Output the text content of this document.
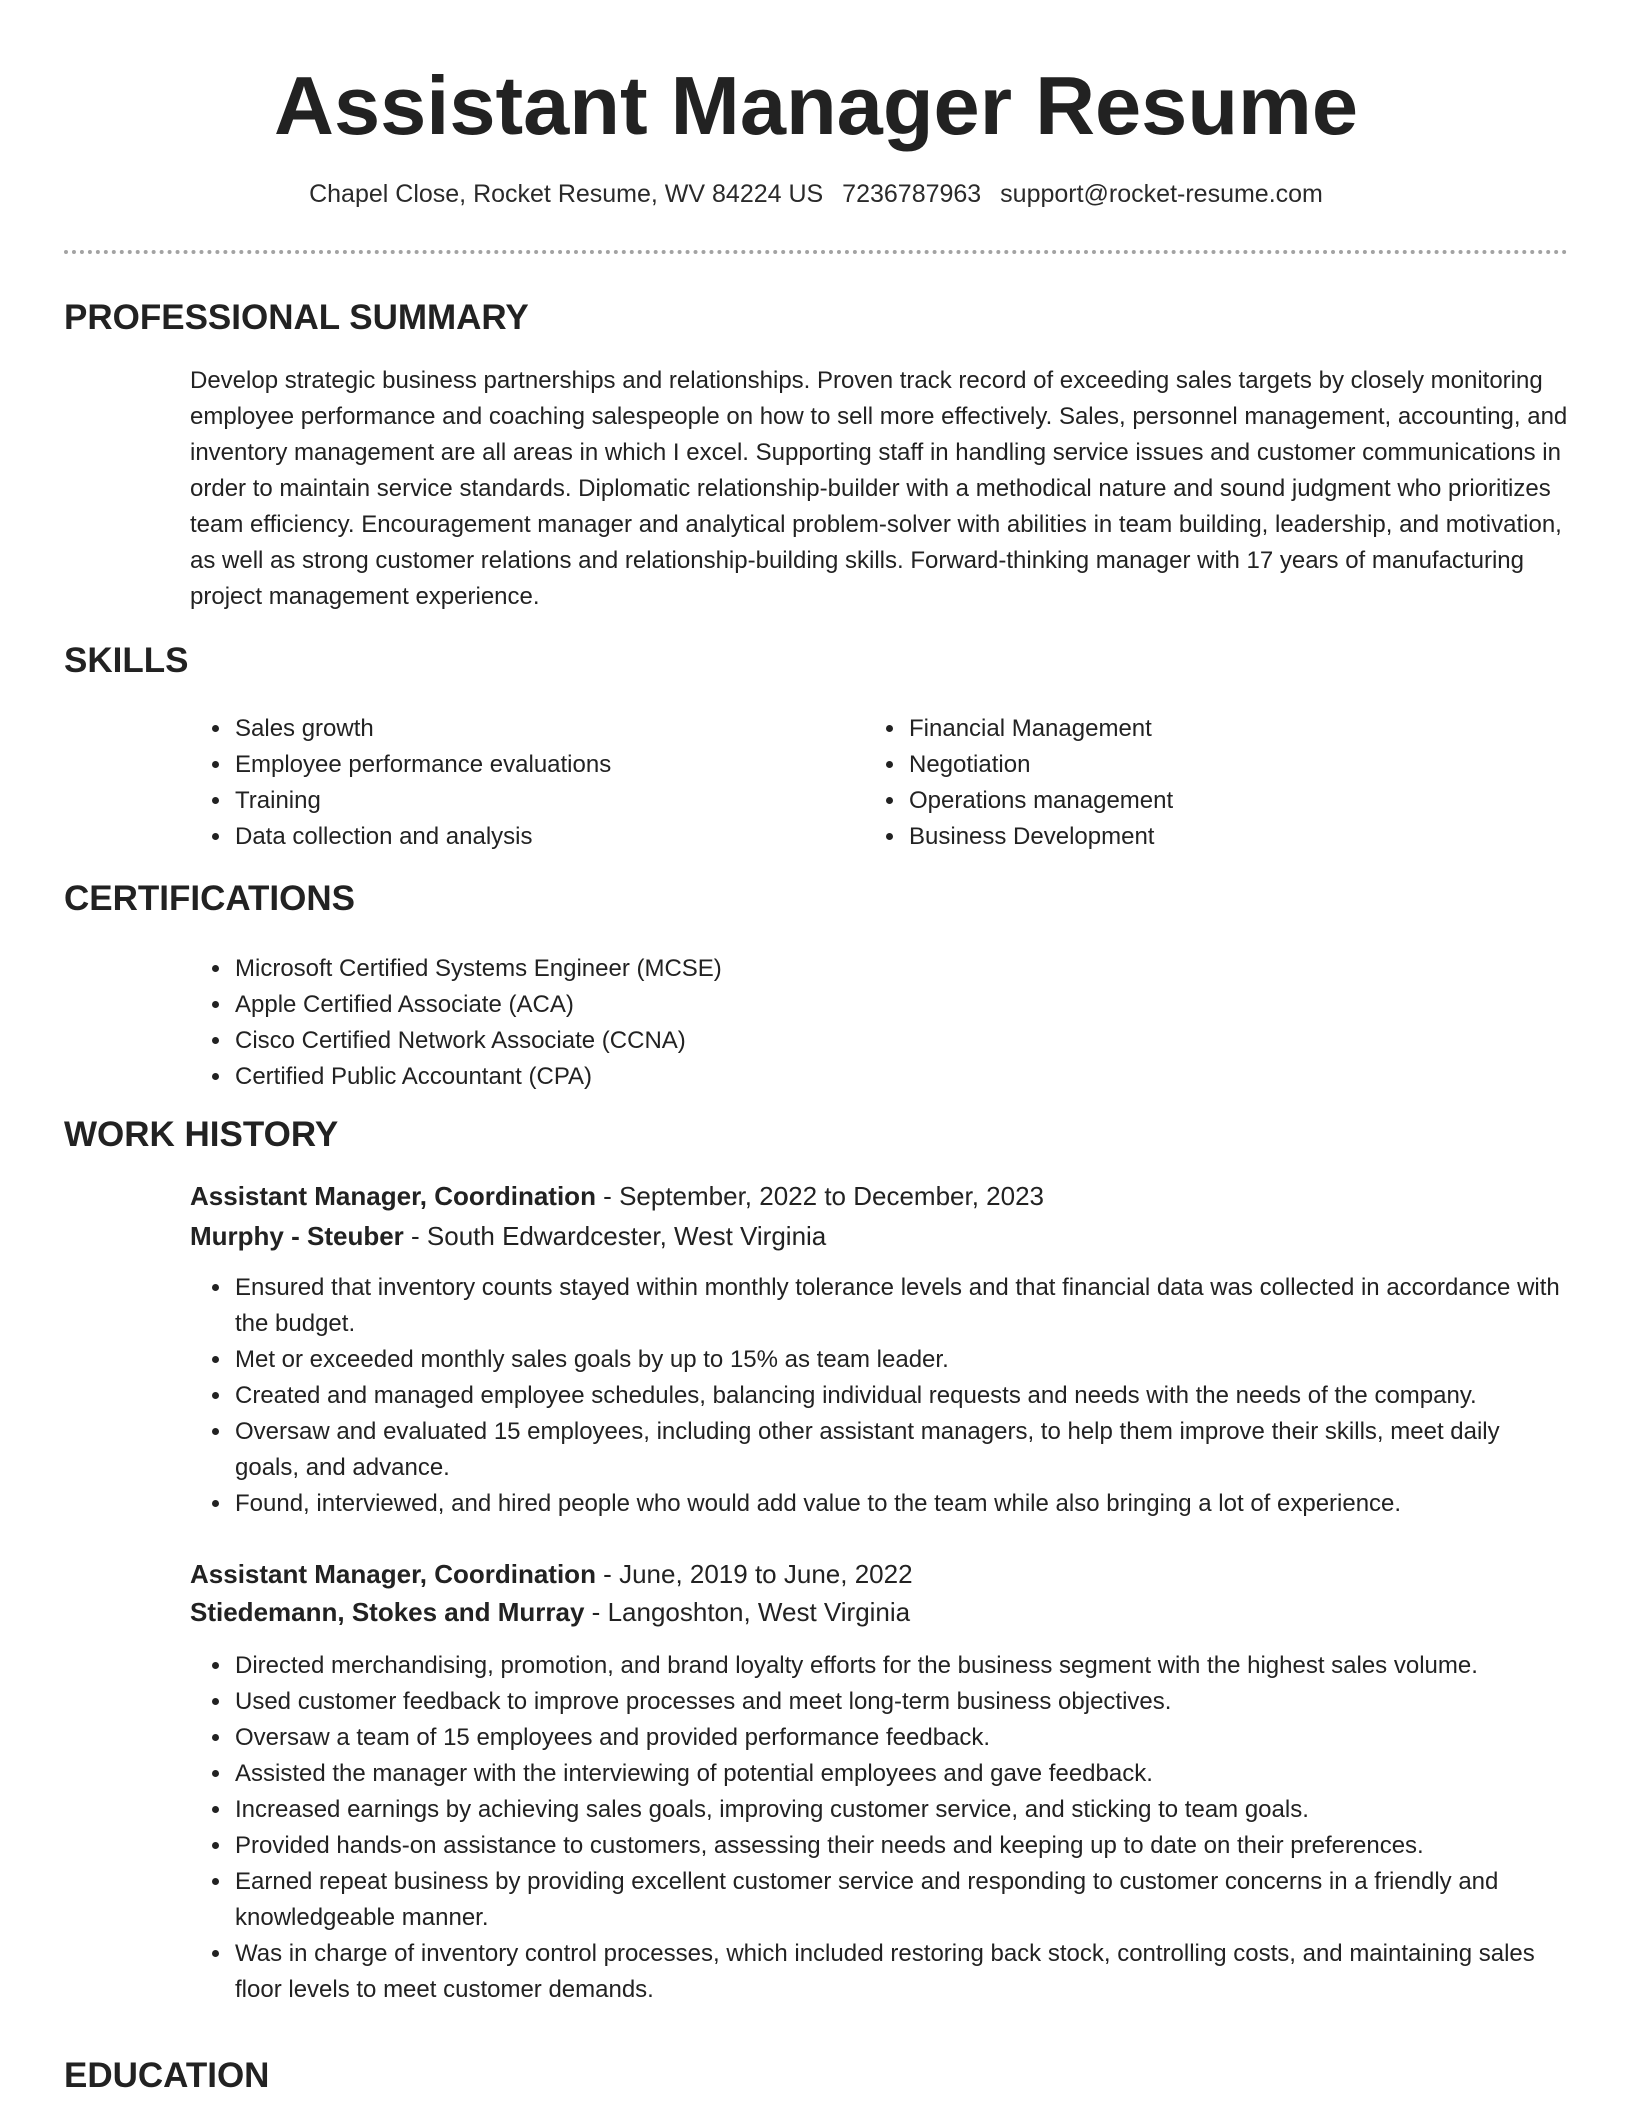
Assistant Manager Resume
Chapel Close, Rocket Resume, WV 84224 US 7236787963 support@rocket-resume.com
PROFESSIONAL SUMMARY

Develop strategic business partnerships and relationships. Proven track record of exceeding sales targets by closely monitoring employee performance and coaching salespeople on how to sell more effectively. Sales, personnel management, accounting, and inventory management are all areas in which I excel. Supporting staff in handling service issues and customer communications in order to maintain service standards. Diplomatic relationship-builder with a methodical nature and sound judgment who prioritizes team efficiency. Encouragement manager and analytical problem-solver with abilities in team building, leadership, and motivation, as well as strong customer relations and relationship-building skills. Forward-thinking manager with 17 years of manufacturing project management experience.

SKILLS
• Sales growth
• Employee performance evaluations
• Training
• Data collection and analysis
• Financial Management
• Negotiation
• Operations management
• Business Development
CERTIFICATIONS
• Microsoft Certified Systems Engineer (MCSE)
• Apple Certified Associate (ACA)
• Cisco Certified Network Associate (CCNA)
• Certified Public Accountant (CPA)
WORK HISTORY
Assistant Manager, Coordination - September, 2022 to December, 2023
Murphy - Steuber - South Edwardcester, West Virginia
• Ensured that inventory counts stayed within monthly tolerance levels and that financial data was collected in accordance with the budget.
• Met or exceeded monthly sales goals by up to 15% as team leader.
• Created and managed employee schedules, balancing individual requests and needs with the needs of the company.
• Oversaw and evaluated 15 employees, including other assistant managers, to help them improve their skills, meet daily goals, and advance.
• Found, interviewed, and hired people who would add value to the team while also bringing a lot of experience.
Assistant Manager, Coordination - June, 2019 to June, 2022
Stiedemann, Stokes and Murray - Langoshton, West Virginia
• Directed merchandising, promotion, and brand loyalty efforts for the business segment with the highest sales volume.
• Used customer feedback to improve processes and meet long-term business objectives.
• Oversaw a team of 15 employees and provided performance feedback.
• Assisted the manager with the interviewing of potential employees and gave feedback.
• Increased earnings by achieving sales goals, improving customer service, and sticking to team goals.
• Provided hands-on assistance to customers, assessing their needs and keeping up to date on their preferences.
• Earned repeat business by providing excellent customer service and responding to customer concerns in a friendly and knowledgeable manner.
• Was in charge of inventory control processes, which included restoring back stock, controlling costs, and maintaining sales floor levels to meet customer demands.
EDUCATION
